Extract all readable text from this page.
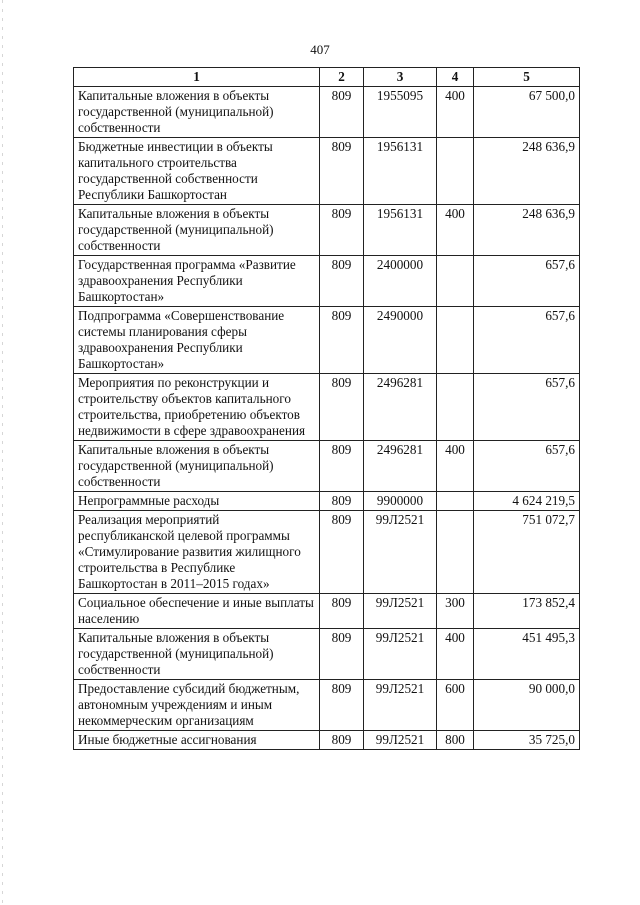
407
1	2	3	4	5
Капитальные вложения в объекты государственной (муниципальной) собственности	809	1955095	400	67 500,0
Бюджетные инвестиции в объекты капитального строительства государственной собственности Республики Башкортостан	809	1956131		248 636,9
Капитальные вложения в объекты государственной (муниципальной) собственности	809	1956131	400	248 636,9
Государственная программа «Развитие здравоохранения Республики Башкортостан»	809	2400000		657,6
Подпрограмма «Совершенствование системы планирования сферы здравоохранения Республики Башкортостан»	809	2490000		657,6
Мероприятия по реконструкции и строительству объектов капитального строительства, приобретению объектов недвижимости в сфере здравоохранения	809	2496281		657,6
Капитальные вложения в объекты государственной (муниципальной) собственности	809	2496281	400	657,6
Непрограммные расходы	809	9900000		4 624 219,5
Реализация мероприятий республиканской целевой программы «Стимулирование развития жилищного строительства в Республике Башкортостан в 2011–2015 годах»	809	99Л2521		751 072,7
Социальное обеспечение и иные выплаты населению	809	99Л2521	300	173 852,4
Капитальные вложения в объекты государственной (муниципальной) собственности	809	99Л2521	400	451 495,3
Предоставление субсидий бюджетным, автономным учреждениям и иным некоммерческим организациям	809	99Л2521	600	90 000,0
Иные бюджетные ассигнования	809	99Л2521	800	35 725,0
